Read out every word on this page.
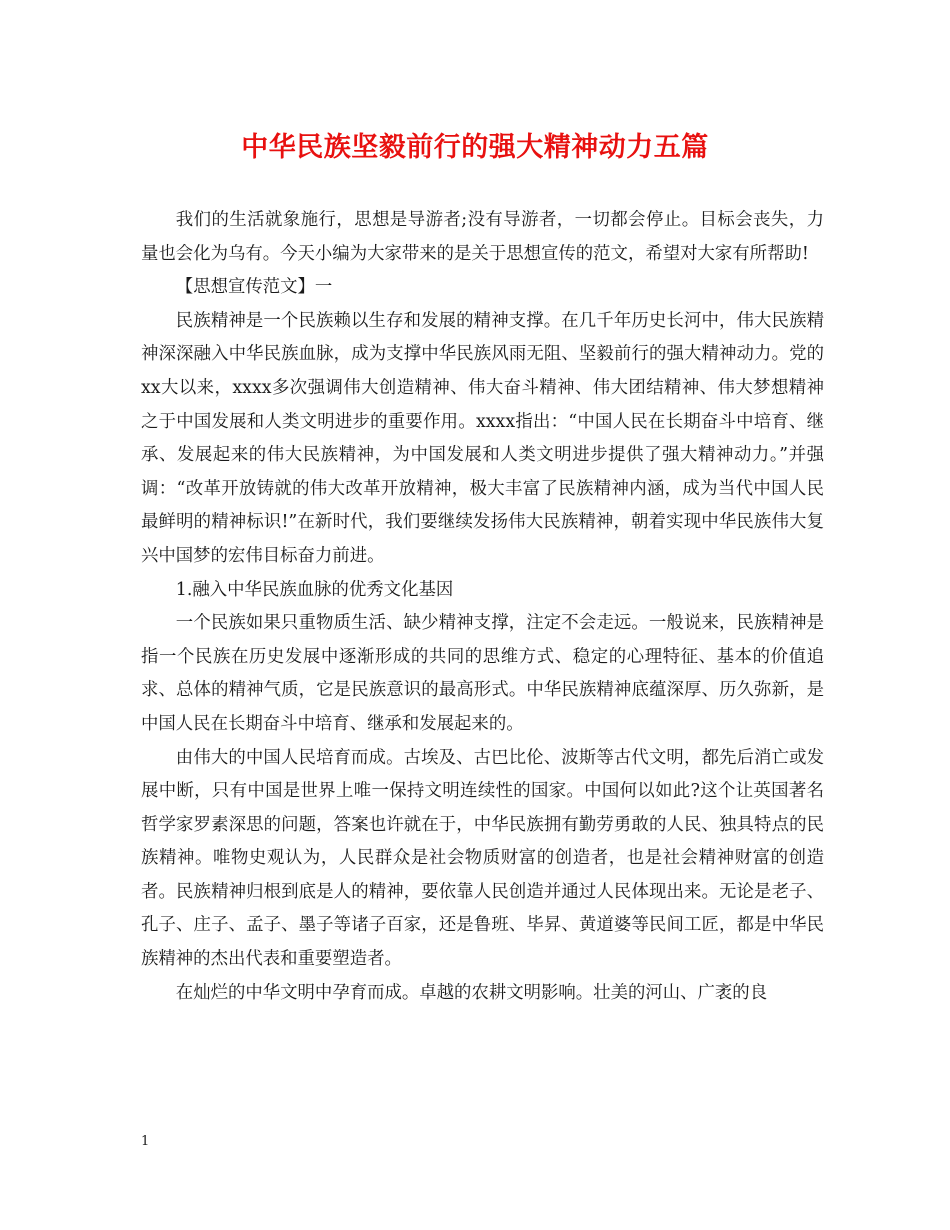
中华民族坚毅前行的强大精神动力五篇

我们的生活就象施行，思想是导游者;没有导游者，一切都会停止。目标会丧失，力量也会化为乌有。今天小编为大家带来的是关于思想宣传的范文，希望对大家有所帮助!

【思想宣传范文】一

民族精神是一个民族赖以生存和发展的精神支撑。在几千年历史长河中，伟大民族精神深深融入中华民族血脉，成为支撑中华民族风雨无阻、坚毅前行的强大精神动力。党的xx大以来，xxxx多次强调伟大创造精神、伟大奋斗精神、伟大团结精神、伟大梦想精神之于中国发展和人类文明进步的重要作用。xxxx指出：“中国人民在长期奋斗中培育、继承、发展起来的伟大民族精神，为中国发展和人类文明进步提供了强大精神动力。”并强调：“改革开放铸就的伟大改革开放精神，极大丰富了民族精神内涵，成为当代中国人民最鲜明的精神标识!”在新时代，我们要继续发扬伟大民族精神，朝着实现中华民族伟大复兴中国梦的宏伟目标奋力前进。

1.融入中华民族血脉的优秀文化基因

一个民族如果只重物质生活、缺少精神支撑，注定不会走远。一般说来，民族精神是指一个民族在历史发展中逐渐形成的共同的思维方式、稳定的心理特征、基本的价值追求、总体的精神气质，它是民族意识的最高形式。中华民族精神底蕴深厚、历久弥新，是中国人民在长期奋斗中培育、继承和发展起来的。

由伟大的中国人民培育而成。古埃及、古巴比伦、波斯等古代文明，都先后消亡或发展中断，只有中国是世界上唯一保持文明连续性的国家。中国何以如此?这个让英国著名哲学家罗素深思的问题，答案也许就在于，中华民族拥有勤劳勇敢的人民、独具特点的民族精神。唯物史观认为，人民群众是社会物质财富的创造者，也是社会精神财富的创造者。民族精神归根到底是人的精神，要依靠人民创造并通过人民体现出来。无论是老子、孔子、庄子、孟子、墨子等诸子百家，还是鲁班、毕昇、黄道婆等民间工匠，都是中华民族精神的杰出代表和重要塑造者。

在灿烂的中华文明中孕育而成。卓越的农耕文明影响。壮美的河山、广袤的良

1
